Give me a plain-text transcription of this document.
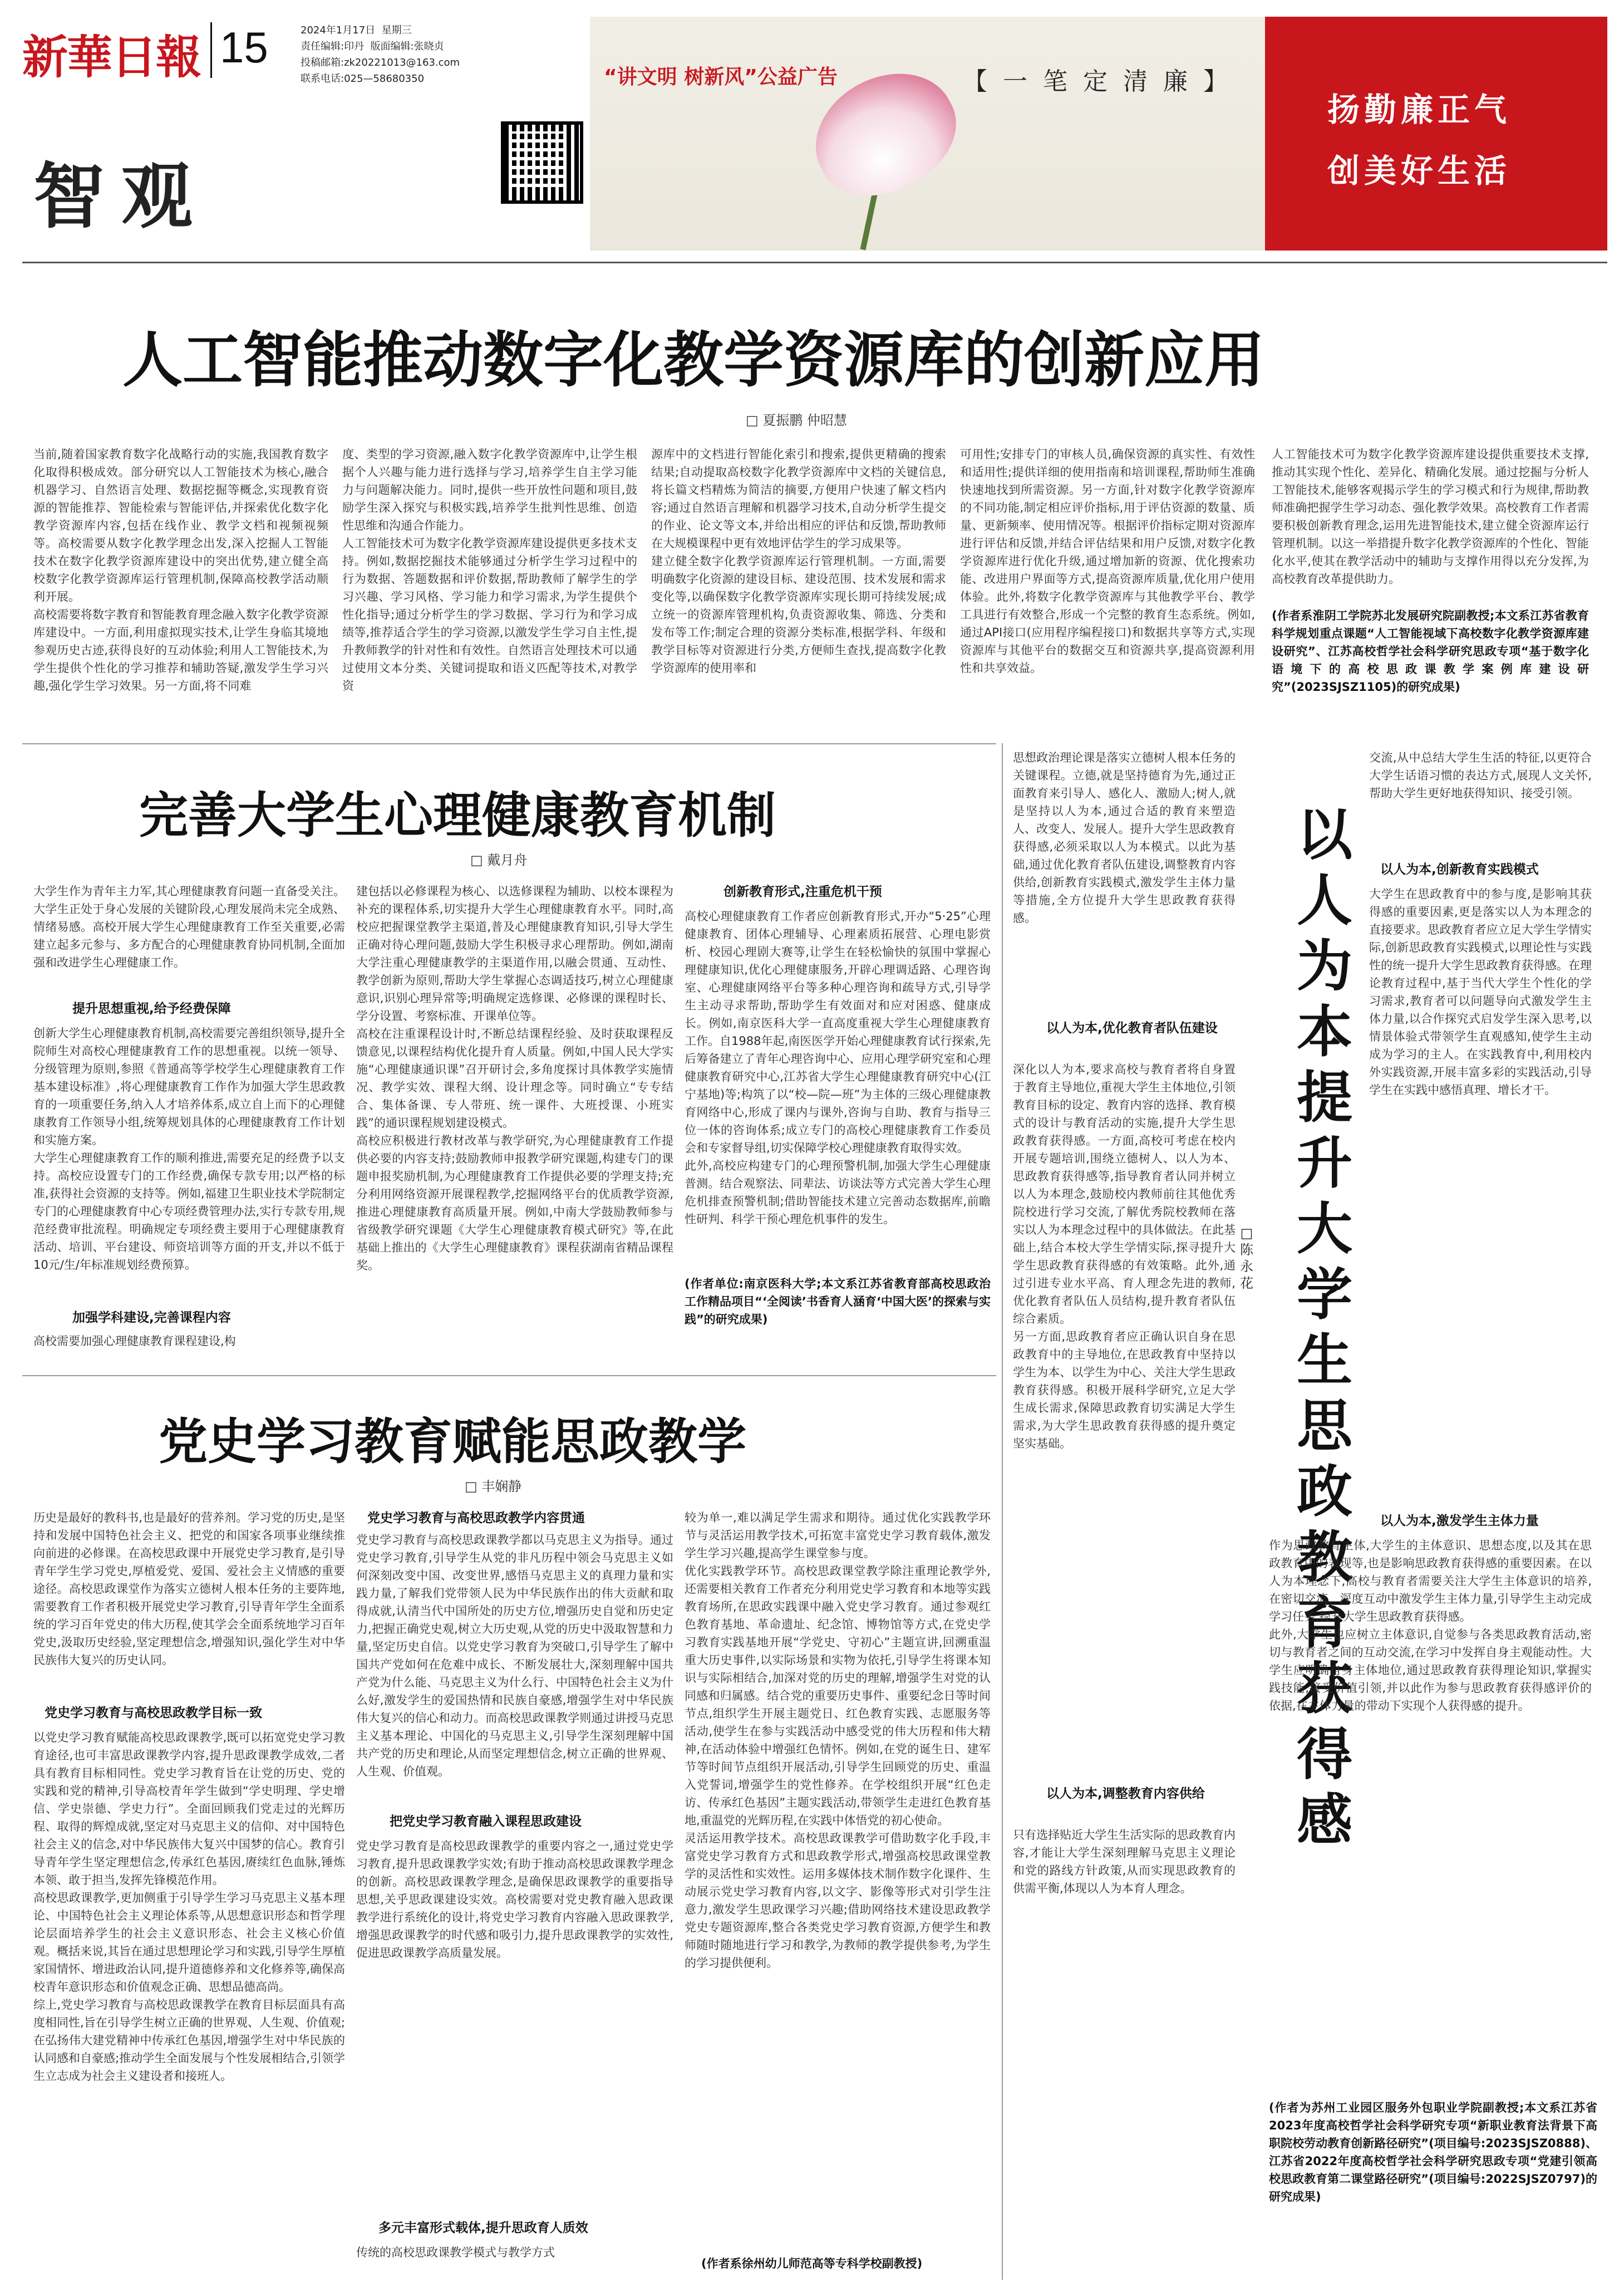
新華日報 15	2024年1月17日  星期三
责任编辑:印丹  版面编辑:张晓贞
投稿邮箱:zk20221013@163.com
联系电话:025—58680350
智观
“讲文明 树新风”公益广告	【一笔定清廉】
扬勤廉正气
创美好生活
人工智能推动数字化教学资源库的创新应用
□ 夏振鹏 仲昭慧
当前,随着国家教育数字化战略行动的实施,我国教育数字化取得积极成效。部分研究以人工智能技术为核心,融合机器学习、自然语言处理、数据挖掘等概念,实现教育资源的智能推荐、智能检索与智能评估,并探索优化数字化教学资源库内容,包括在线作业、教学文档和视频视频等。高校需要从数字化教学理念出发,深入挖掘人工智能技术在数字化教学资源库建设中的突出优势,建立健全高校数字化教学资源库运行管理机制,保障高校教学活动顺利开展。
高校需要将数字教育和智能教育理念融入数字化教学资源库建设中。一方面,利用虚拟现实技术,让学生身临其境地参观历史古迹,获得良好的互动体验;利用人工智能技术,为学生提供个性化的学习推荐和辅助答疑,激发学生学习兴趣,强化学生学习效果。另一方面,将不同难
度、类型的学习资源,融入数字化教学资源库中,让学生根据个人兴趣与能力进行选择与学习,培养学生自主学习能力与问题解决能力。同时,提供一些开放性问题和项目,鼓励学生深入探究与积极实践,培养学生批判性思维、创造性思维和沟通合作能力。
人工智能技术可为数字化教学资源库建设提供更多技术支持。例如,数据挖掘技术能够通过分析学生学习过程中的行为数据、答题数据和评价数据,帮助教师了解学生的学习兴趣、学习风格、学习能力和学习需求,为学生提供个性化指导;通过分析学生的学习数据、学习行为和学习成绩等,推荐适合学生的学习资源,以激发学生学习自主性,提升教师教学的针对性和有效性。自然语言处理技术可以通过使用文本分类、关键词提取和语义匹配等技术,对教学资
源库中的文档进行智能化索引和搜索,提供更精确的搜索结果;自动提取高校数字化教学资源库中文档的关键信息,将长篇文档精炼为简洁的摘要,方便用户快速了解文档内容;通过自然语言理解和机器学习技术,自动分析学生提交的作业、论文等文本,并给出相应的评估和反馈,帮助教师在大规模课程中更有效地评估学生的学习成果等。
建立健全数字化教学资源库运行管理机制。一方面,需要明确数字化资源的建设目标、建设范围、技术发展和需求变化等,以确保数字化教学资源库实现长期可持续发展;成立统一的资源库管理机构,负责资源收集、筛选、分类和发布等工作;制定合理的资源分类标准,根据学科、年级和教学目标等对资源进行分类,方便师生查找,提高数字化教学资源库的使用率和
可用性;安排专门的审核人员,确保资源的真实性、有效性和适用性;提供详细的使用指南和培训课程,帮助师生准确快速地找到所需资源。另一方面,针对数字化教学资源库的不同功能,制定相应评价指标,用于评估资源的数量、质量、更新频率、使用情况等。根据评价指标定期对资源库进行评估和反馈,并结合评估结果和用户反馈,对数字化教学资源库进行优化升级,通过增加新的资源、优化搜索功能、改进用户界面等方式,提高资源库质量,优化用户使用体验。此外,将数字化教学资源库与其他教学平台、教学工具进行有效整合,形成一个完整的教育生态系统。例如,通过API接口(应用程序编程接口)和数据共享等方式,实现资源库与其他平台的数据交互和资源共享,提高资源利用性和共享效益。
人工智能技术可为数字化教学资源库建设提供重要技术支撑,推动其实现个性化、差异化、精确化发展。通过挖掘与分析人工智能技术,能够客观揭示学生的学习模式和行为规律,帮助教师准确把握学生学习动态、强化教学效果。高校教育工作者需要积极创新教育理念,运用先进智能技术,建立健全资源库运行管理机制。以这一举措提升数字化教学资源库的个性化、智能化水平,使其在教学活动中的辅助与支撑作用得以充分发挥,为高校教育改革提供助力。
(作者系淮阴工学院苏北发展研究院副教授;本文系江苏省教育科学规划重点课题“人工智能视域下高校数字化教学资源库建设研究”、江苏高校哲学社会科学研究思政专项“基于数字化语境下的高校思政课教学案例库建设研究”(2023SJSZ1105)的研究成果)
完善大学生心理健康教育机制
□ 戴月舟
大学生作为青年主力军,其心理健康教育问题一直备受关注。大学生正处于身心发展的关键阶段,心理发展尚未完全成熟、情绪易感。高校开展大学生心理健康教育工作至关重要,必需建立起多元参与、多方配合的心理健康教育协同机制,全面加强和改进学生心理健康工作。
提升思想重视,给予经费保障
创新大学生心理健康教育机制,高校需要完善组织领导,提升全院师生对高校心理健康教育工作的思想重视。以统一领导、分级管理为原则,参照《普通高等学校学生心理健康教育工作基本建设标准》,将心理健康教育工作作为加强大学生思政教育的一项重要任务,纳入人才培养体系,成立自上而下的心理健康教育工作领导小组,统筹规划具体的心理健康教育工作计划和实施方案。
大学生心理健康教育工作的顺利推进,需要充足的经费予以支持。高校应设置专门的工作经费,确保专款专用;以严格的标准,获得社会资源的支持等。例如,福建卫生职业技术学院制定专门的心理健康教育中心专项经费管理办法,实行专款专用,规范经费审批流程。明确规定专项经费主要用于心理健康教育活动、培训、平台建设、师资培训等方面的开支,并以不低于10元/生/年标准规划经费预算。
加强学科建设,完善课程内容
高校需要加强心理健康教育课程建设,构
建包括以必修课程为核心、以选修课程为辅助、以校本课程为补充的课程体系,切实提升大学生心理健康教育水平。同时,高校应把握课堂教学主渠道,普及心理健康教育知识,引导大学生正确对待心理问题,鼓励大学生积极寻求心理帮助。例如,湖南大学注重心理健康教学的主渠道作用,以融会贯通、互动性、教学创新为原则,帮助大学生掌握心态调适技巧,树立心理健康意识,识别心理异常等;明确规定选修课、必修课的课程时长、学分设置、考察标准、开课单位等。
高校在注重课程设计时,不断总结课程经验、及时获取课程反馈意见,以课程结构优化提升育人质量。例如,中国人民大学实施“心理健康通识课”召开研讨会,多角度探讨具体教学实施情况、教学实效、课程大纲、设计理念等。同时确立“专专结合、集体备课、专人带班、统一课件、大班授课、小班实践”的通识课程规划建设模式。
高校应积极进行教材改革与教学研究,为心理健康教育工作提供必要的内容支持;鼓励教师申报教学研究课题,构建专门的课题申报奖励机制,为心理健康教育工作提供必要的学理支持;充分利用网络资源开展课程教学,挖掘网络平台的优质教学资源,推进心理健康教育高质量开展。例如,中南大学鼓励教师参与省级教学研究课题《大学生心理健康教育模式研究》等,在此基础上推出的《大学生心理健康教育》课程获湖南省精品课程奖。
创新教育形式,注重危机干预
高校心理健康教育工作者应创新教育形式,开办“5·25”心理健康教育、团体心理辅导、心理素质拓展营、心理电影赏析、校园心理剧大赛等,让学生在轻松愉快的氛围中掌握心理健康知识,优化心理健康服务,开辟心理调适路、心理咨询室、心理健康网络平台等多种心理咨询和疏导方式,引导学生主动寻求帮助,帮助学生有效面对和应对困惑、健康成长。例如,南京医科大学一直高度重视大学生心理健康教育工作。自1988年起,南医医学开始心理健康教育试行探索,先后筹备建立了青年心理咨询中心、应用心理学研究室和心理健康教育研究中心,江苏省大学生心理健康教育研究中心(江宁基地)等;构筑了以“校—院—班”为主体的三级心理健康教育网络中心,形成了课内与课外,咨询与自助、教育与指导三位一体的咨询体系;成立专门的高校心理健康教育工作委员会和专家督导组,切实保障学校心理健康教育取得实效。
此外,高校应构建专门的心理预警机制,加强大学生心理健康普测。结合观察法、同辈法、访谈法等方式完善大学生心理危机排查预警机制;借助智能技术建立完善动态数据库,前瞻性研判、科学干预心理危机事件的发生。
(作者单位:南京医科大学;本文系江苏省教育部高校思政治工作精品项目“‘全阅读’书香育人涵育‘中国大医’的探索与实践”的研究成果)
党史学习教育赋能思政教学
□ 丰娴静
历史是最好的教科书,也是最好的营养剂。学习党的历史,是坚持和发展中国特色社会主义、把党的和国家各项事业继续推向前进的必修课。在高校思政课中开展党史学习教育,是引导青年学生学习党史,厚植爱党、爱国、爱社会主义情感的重要途径。高校思政课堂作为落实立德树人根本任务的主要阵地,需要教育工作者积极开展党史学习教育,引导青年学生全面系统的学习百年党史的伟大历程,使其学会全面系统地学习百年党史,汲取历史经验,坚定理想信念,增强知识,强化学生对中华民族伟大复兴的历史认同。
党史学习教育与高校思政教学目标一致
以党史学习教育赋能高校思政课教学,既可以拓宽党史学习教育途径,也可丰富思政课教学内容,提升思政课教学成效,二者具有教育目标相同性。党史学习教育旨在让党的历史、党的实践和党的精神,引导高校青年学生做到“学史明理、学史增信、学史崇德、学史力行”。全面回顾我们党走过的光辉历程、取得的辉煌成就,坚定对马克思主义的信仰、对中国特色社会主义的信念,对中华民族伟大复兴中国梦的信心。教育引导青年学生坚定理想信念,传承红色基因,赓续红色血脉,锤炼本领、敢于担当,发挥先锋模范作用。
高校思政课教学,更加侧重于引导学生学习马克思主义基本理论、中国特色社会主义理论体系等,从思想意识形态和哲学理论层面培养学生的社会主义意识形态、社会主义核心价值观。概括来说,其旨在通过思想理论学习和实践,引导学生厚植家国情怀、增进政治认同,提升道德修养和文化修养等,确保高校青年意识形态和价值观念正确、思想品德高尚。
综上,党史学习教育与高校思政课教学在教育目标层面具有高度相同性,旨在引导学生树立正确的世界观、人生观、价值观;在弘扬伟大建党精神中传承红色基因,增强学生对中华民族的认同感和自豪感;推动学生全面发展与个性发展相结合,引领学生立志成为社会主义建设者和接班人。
党史学习教育与高校思政教学内容贯通
党史学习教育与高校思政课教学都以马克思主义为指导。通过党史学习教育,引导学生从党的非凡历程中领会马克思主义如何深刻改变中国、改变世界,感悟马克思主义的真理力量和实践力量,了解我们党带领人民为中华民族作出的伟大贡献和取得成就,认清当代中国所处的历史方位,增强历史自觉和历史定力,把握正确党史观,树立大历史观,从党的历史中汲取智慧和力量,坚定历史自信。以党史学习教育为突破口,引导学生了解中国共产党如何在危难中成长、不断发展壮大,深刻理解中国共产党为什么能、马克思主义为什么行、中国特色社会主义为什么好,激发学生的爱国热情和民族自豪感,增强学生对中华民族伟大复兴的信心和动力。而高校思政课教学则通过讲授马克思主义基本理论、中国化的马克思主义,引导学生深刻理解中国共产党的历史和理论,从而坚定理想信念,树立正确的世界观、人生观、价值观。
把党史学习教育融入课程思政建设
党史学习教育是高校思政课教学的重要内容之一,通过党史学习教育,提升思政课教学实效;有助于推动高校思政课教学理念的创新。高校思政课教学理念,是确保思政课教学的重要指导思想,关乎思政课建设实效。高校需要对党史教育融入思政课教学进行系统化的设计,将党史学习教育内容融入思政课教学,增强思政课教学的时代感和吸引力,提升思政课教学的实效性,促进思政课教学高质量发展。
多元丰富形式载体,提升思政育人质效
传统的高校思政课教学模式与教学方式
较为单一,难以满足学生需求和期待。通过优化实践教学环节与灵活运用教学技术,可拓宽丰富党史学习教育载体,激发学生学习兴趣,提高学生课堂参与度。
优化实践教学环节。高校思政课堂教学除注重理论教学外,还需要相关教育工作者充分利用党史学习教育和本地等实践教育场所,在思政实践课中融入党史学习教育。通过参观红色教育基地、革命遗址、纪念馆、博物馆等方式,在党史学习教育实践基地开展“学党史、守初心”主题宣讲,回溯重温重大历史事件,以实际场景和实物为依托,引导学生将课本知识与实际相结合,加深对党的历史的理解,增强学生对党的认同感和归属感。结合党的重要历史事件、重要纪念日等时间节点,组织学生开展主题党日、红色教育实践、志愿服务等活动,使学生在参与实践活动中感受党的伟大历程和伟大精神,在活动体验中增强红色情怀。例如,在党的诞生日、建军节等时间节点组织开展活动,引导学生回顾党的历史、重温入党誓词,增强学生的党性修养。在学校组织开展“红色走访、传承红色基因”主题实践活动,带领学生走进红色教育基地,重温党的光辉历程,在实践中体悟党的初心使命。
灵活运用教学技术。高校思政课教学可借助数字化手段,丰富党史学习教育方式和思政教学形式,增强高校思政课堂教学的灵活性和实效性。运用多媒体技术制作数字化课件、生动展示党史学习教育内容,以文字、影像等形式对引学生注意力,激发学生思政课学习兴趣;借助网络技术建设思政教学党史专题资源库,整合各类党史学习教育资源,方便学生和教师随时随地进行学习和教学,为教师的教学提供参考,为学生的学习提供便利。
(作者系徐州幼儿师范高等专科学校副教授)
思想政治理论课是落实立德树人根本任务的关键课程。立德,就是坚持德育为先,通过正面教育来引导人、感化人、激励人;树人,就是坚持以人为本,通过合适的教育来塑造人、改变人、发展人。提升大学生思政教育获得感,必须采取以人为本模式。以此为基础,通过优化教育者队伍建设,调整教育内容供给,创新教育实践模式,激发学生主体力量等措施,全方位提升大学生思政教育获得感。
以人为本,优化教育者队伍建设
深化以人为本,要求高校与教育者将自身置于教育主导地位,重视大学生主体地位,引领教育目标的设定、教育内容的选择、教育模式的设计与教育活动的实施,提升大学生思政教育获得感。一方面,高校可考虑在校内开展专题培训,围绕立德树人、以人为本、思政教育获得感等,指导教育者认同并树立以人为本理念,鼓励校内教师前往其他优秀院校进行学习交流,了解优秀院校教师在落实以人为本理念过程中的具体做法。在此基础上,结合本校大学生学情实际,探寻提升大学生思政教育获得感的有效策略。此外,通过引进专业水平高、育人理念先进的教师,优化教育者队伍人员结构,提升教育者队伍综合素质。
另一方面,思政教育者应正确认识自身在思政教育中的主导地位,在思政教育中坚持以学生为本、以学生为中心、关注大学生思政教育获得感。积极开展科学研究,立足大学生成长需求,保障思政教育切实满足大学生需求,为大学生思政教育获得感的提升奠定坚实基础。
以人为本,调整教育内容供给
只有选择贴近大学生生活实际的思政教育内容,才能让大学生深刻理解马克思主义理论和党的路线方针政策,从而实现思政教育的供需平衡,体现以人为本育人理念。
以人为本提升大学生思政教育获得感
□ 陈永花
交流,从中总结大学生生活的特征,以更符合大学生话语习惯的表达方式,展现人文关怀,帮助大学生更好地获得知识、接受引领。
以人为本,创新教育实践模式
大学生在思政教育中的参与度,是影响其获得感的重要因素,更是落实以人为本理念的直接要求。思政教育者应立足大学生学情实际,创新思政教育实践模式,以理论性与实践性的统一提升大学生思政教育获得感。在理论教育过程中,基于当代大学生个性化的学习需求,教育者可以问题导向式激发学生主体力量,以合作探究式启发学生深入思考,以情景体验式带领学生直观感知,使学生主动成为学习的主人。在实践教育中,利用校内外实践资源,开展丰富多彩的实践活动,引导学生在实践中感悟真理、增长才干。
以人为本,激发学生主体力量
作为思政教育主体,大学生的主体意识、思想态度,以及其在思政教育中的表现等,也是影响思政教育获得感的重要因素。在以人为本理念下,高校与教育者需要关注大学生主体意识的培养,在密切交流、深度互动中激发学生主体力量,引导学生主动完成学习任务,提升大学生思政教育获得感。
此外,大学生也应树立主体意识,自觉参与各类思政教育活动,密切与教育者之间的互动交流,在学习中发挥自身主观能动性。大学生应明确自身主体地位,通过思政教育获得理论知识,掌握实践技能,接受价值引领,并以此作为参与思政教育获得感评价的依据,在主体力量的带动下实现个人获得感的提升。
(作者为苏州工业园区服务外包职业学院副教授;本文系江苏省2023年度高校哲学社会科学研究专项“新职业教育法背景下高职院校劳动教育创新路径研究”(项目编号:2023SJSZ0888)、江苏省2022年度高校哲学社会科学研究思政专项“党建引领高校思政教育第二课堂路径研究”(项目编号:2022SJSZ0797)的研究成果)
